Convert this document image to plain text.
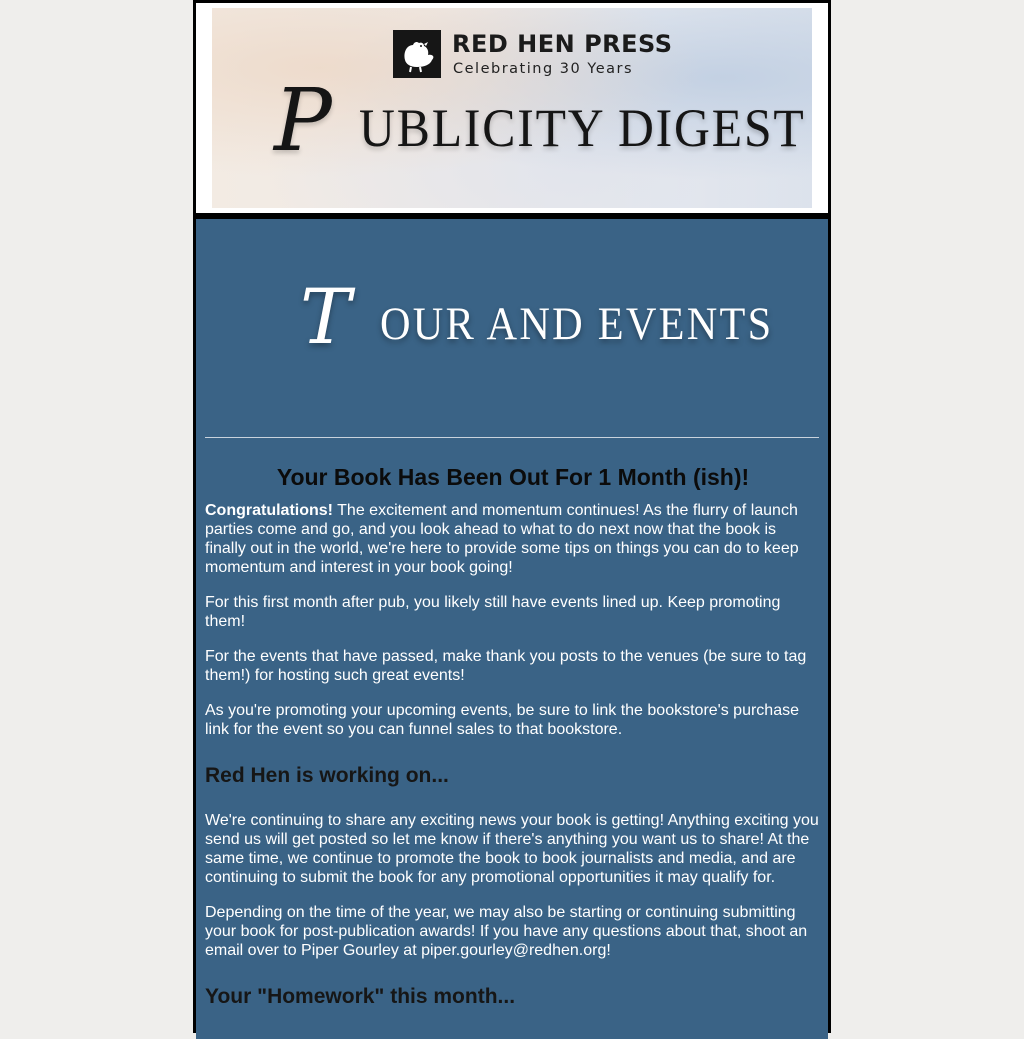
RED HEN PRESS
Celebrating 30 Years
P UBLICITY DIGEST
T OUR AND EVENTS
Your Book Has Been Out For 1 Month (ish)!

Congratulations! The excitement and momentum continues! As the flurry of launch parties come and go, and you look ahead to what to do next now that the book is finally out in the world, we're here to provide some tips on things you can do to keep momentum and interest in your book going!

For this first month after pub, you likely still have events lined up. Keep promoting them!

For the events that have passed, make thank you posts to the venues (be sure to tag them!) for hosting such great events!

As you're promoting your upcoming events, be sure to link the bookstore's purchase link for the event so you can funnel sales to that bookstore.

Red Hen is working on...

We're continuing to share any exciting news your book is getting! Anything exciting you send us will get posted so let me know if there's anything you want us to share! At the same time, we continue to promote the book to book journalists and media, and are continuing to submit the book for any promotional opportunities it may qualify for.

Depending on the time of the year, we may also be starting or continuing submitting your book for post-publication awards! If you have any questions about that, shoot an email over to Piper Gourley at piper.gourley@redhen.org!

Your "Homework" this month...
